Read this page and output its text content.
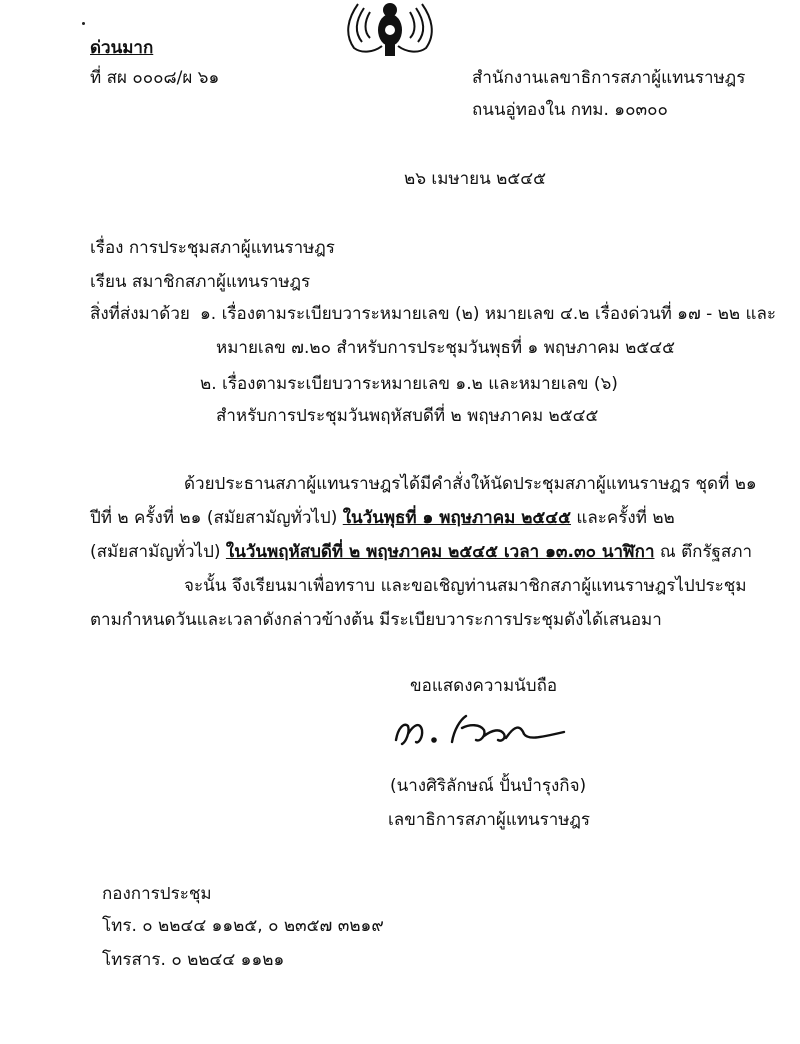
ด่วนมาก
ที่ สผ ๐๐๐๘/ผ ๖๑	สำนักงานเลขาธิการสภาผู้แทนราษฎร
ถนนอู่ทองใน กทม. ๑๐๓๐๐
๒๖ เมษายน ๒๕๔๕
เรื่อง การประชุมสภาผู้แทนราษฎร
เรียน สมาชิกสภาผู้แทนราษฎร
สิ่งที่ส่งมาด้วย ๑. เรื่องตามระเบียบวาระหมายเลข (๒) หมายเลข ๔.๒ เรื่องด่วนที่ ๑๗ - ๒๒ และ
หมายเลข ๗.๒๐ สำหรับการประชุมวันพุธที่ ๑ พฤษภาคม ๒๕๔๕
๒. เรื่องตามระเบียบวาระหมายเลข ๑.๒ และหมายเลข (๖)
สำหรับการประชุมวันพฤหัสบดีที่ ๒ พฤษภาคม ๒๕๔๕
ด้วยประธานสภาผู้แทนราษฎรได้มีคำสั่งให้นัดประชุมสภาผู้แทนราษฎร ชุดที่ ๒๑
ปีที่ ๒ ครั้งที่ ๒๑ (สมัยสามัญทั่วไป) ในวันพุธที่ ๑ พฤษภาคม ๒๕๔๕ และครั้งที่ ๒๒
(สมัยสามัญทั่วไป) ในวันพฤหัสบดีที่ ๒ พฤษภาคม ๒๕๔๕ เวลา ๑๓.๓๐ นาฬิกา ณ ตึกรัฐสภา
จะนั้น จึงเรียนมาเพื่อทราบ และขอเชิญท่านสมาชิกสภาผู้แทนราษฎรไปประชุม
ตามกำหนดวันและเวลาดังกล่าวข้างต้น มีระเบียบวาระการประชุมดังได้เสนอมา
ขอแสดงความนับถือ
(นางศิริลักษณ์ ปั้นบำรุงกิจ)
เลขาธิการสภาผู้แทนราษฎร
กองการประชุม
โทร. ๐ ๒๒๔๔ ๑๑๒๕, ๐ ๒๓๕๗ ๓๒๑๙
โทรสาร. ๐ ๒๒๔๔ ๑๑๒๑
